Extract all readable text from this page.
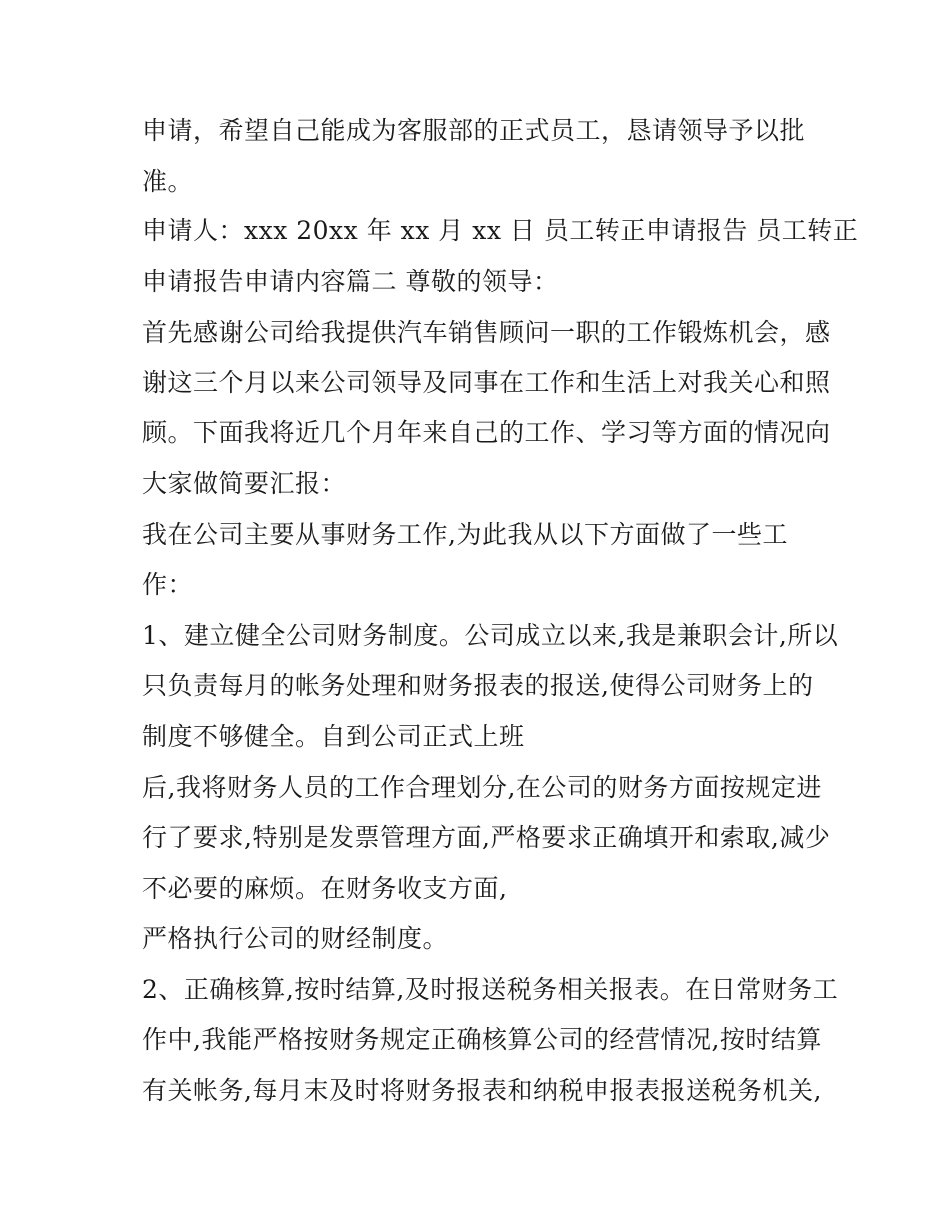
申请，希望自己能成为客服部的正式员工，恳请领导予以批
准。
申请人：xxx 20xx 年 xx 月 xx 日 员工转正申请报告 员工转正
申请报告申请内容篇二 尊敬的领导：
首先感谢公司给我提供汽车销售顾问一职的工作锻炼机会，感
谢这三个月以来公司领导及同事在工作和生活上对我关心和照
顾。下面我将近几个月年来自己的工作、学习等方面的情况向
大家做简要汇报：
我在公司主要从事财务工作,为此我从以下方面做了一些工
作：
1、建立健全公司财务制度。公司成立以来,我是兼职会计,所以
只负责每月的帐务处理和财务报表的报送,使得公司财务上的
制度不够健全。自到公司正式上班
后,我将财务人员的工作合理划分,在公司的财务方面按规定进
行了要求,特别是发票管理方面,严格要求正确填开和索取,减少
不必要的麻烦。在财务收支方面,
严格执行公司的财经制度。
2、正确核算,按时结算,及时报送税务相关报表。在日常财务工
作中,我能严格按财务规定正确核算公司的经营情况,按时结算
有关帐务,每月末及时将财务报表和纳税申报表报送税务机关,
